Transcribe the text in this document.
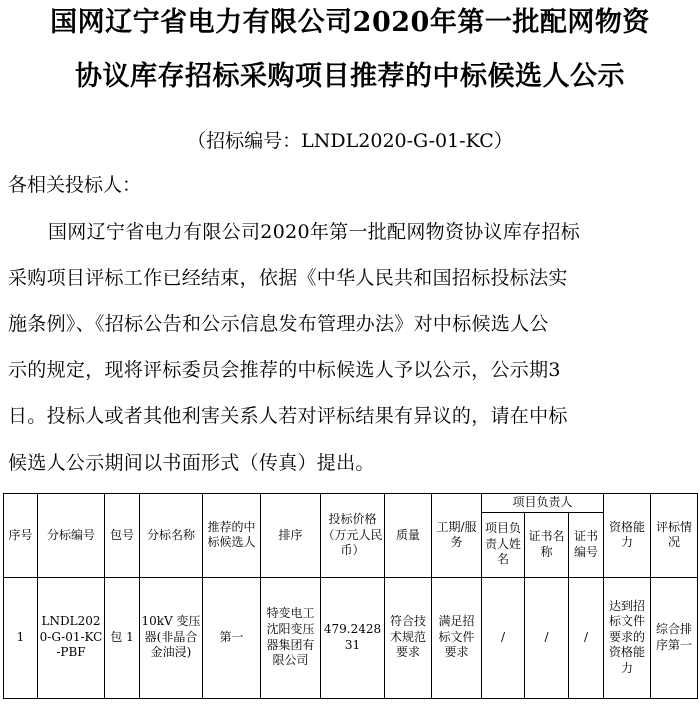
国网辽宁省电力有限公司2020年第一批配网物资
协议库存招标采购项目推荐的中标候选人公示
（招标编号：LNDL2020-G-01-KC）
各相关投标人：
国网辽宁省电力有限公司2020年第一批配网物资协议库存招标
采购项目评标工作已经结束，依据《中华人民共和国招标投标法实
施条例》、《招标公告和公示信息发布管理办法》对中标候选人公
示的规定，现将评标委员会推荐的中标候选人予以公示，公示期3
日。投标人或者其他利害关系人若对评标结果有异议的，请在中标
候选人公示期间以书面形式（传真）提出。
序号	分标编号	包号	分标名称	推荐的中标候选人	排序	投标价格（万元人民币）	质量	工期/服务	项目负责人			资格能力	评标情况
									项目负责人姓名	证书名称	证书编号		
1	LNDL2020-G-01-KC-PBF	包 1	10kV 变压器(非晶合金油浸)	第一	特变电工沈阳变压器集团有限公司	479.242831	符合技术规范要求	满足招标文件要求	/	/	/	达到招标文件要求的资格能力	综合排序第一
